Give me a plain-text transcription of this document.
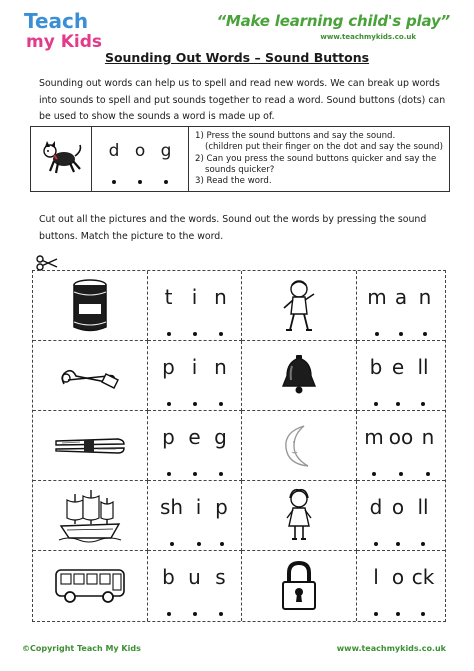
Teach
my Kids
“Make learning child's play”
www.teachmykids.co.uk
Sounding Out Words – Sound Buttons
Sounding out words can help us to spell and read new words. We can break up words into sounds to spell and put sounds together to read a word. Sound buttons (dots) can be used to show the sounds a word is made up of.
d o g
1) Press the sound buttons and say the sound.
(children put their finger on the dot and say the sound)
2) Can you press the sound buttons quicker and say the
sounds quicker?
3) Read the word.
Cut out all the pictures and the words. Sound out the words by pressing the sound buttons. Match the picture to the word.
t i n	m a n
p i n	b e ll
p e g	m oo n
sh i p	d o ll
b u s	l o ck
©Copyright Teach My Kids	www.teachmykids.co.uk
